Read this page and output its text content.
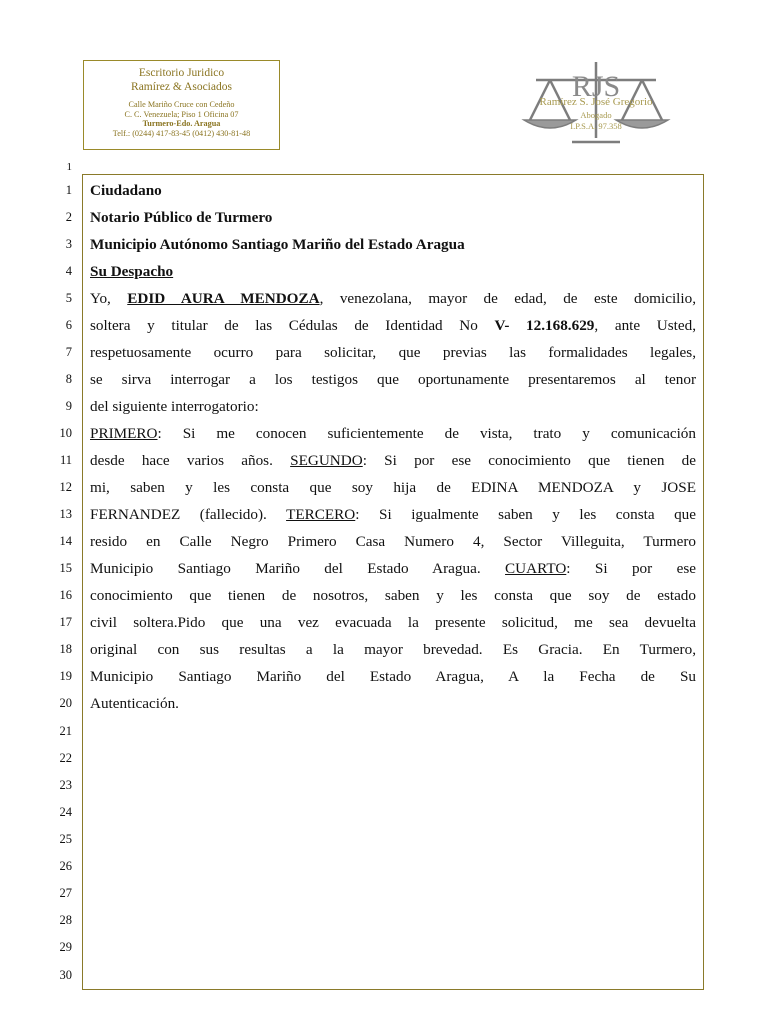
Escritorio Juridico
Ramírez & Asociados
Calle Mariño Cruce con Cedeño
C. C. Venezuela; Piso 1 Oficina 07
Turmero-Edo. Aragua
Telf.: (0244) 417-83-45 (0412) 430-81-48
RJS
Ramírez S. José Gregorio
Abogado
I.P.S.A. 97.358
1
1
2
3
4
5
6
7
8
9
10
11
12
13
14
15
16
17
18
19
20
21
22
23
24
25
26
27
28
29
30
Ciudadano
Notario Público de Turmero
Municipio Autónomo Santiago Mariño del Estado Aragua
Su Despacho
Yo, EDID AURA MENDOZA, venezolana, mayor de edad, de este domicilio,
soltera y titular de las Cédulas de Identidad No V- 12.168.629, ante Usted,
respetuosamente ocurro para solicitar, que previas las formalidades legales,
se sirva interrogar a los testigos que oportunamente presentaremos al tenor
del siguiente interrogatorio:
PRIMERO: Si me conocen suficientemente de vista, trato y comunicación
desde hace varios años. SEGUNDO: Si por ese conocimiento que tienen de
mi, saben y les consta que soy hija de EDINA MENDOZA y JOSE
FERNANDEZ (fallecido). TERCERO: Si igualmente saben y les consta que
resido en Calle Negro Primero Casa Numero 4, Sector Villeguita, Turmero
Municipio Santiago Mariño del Estado Aragua. CUARTO: Si por ese
conocimiento que tienen de nosotros, saben y les consta que soy de estado
civil soltera.Pido que una vez evacuada la presente solicitud, me sea devuelta
original con sus resultas a la mayor brevedad. Es Gracia. En Turmero,
Municipio Santiago Mariño del Estado Aragua, A la Fecha de Su
Autenticación.
